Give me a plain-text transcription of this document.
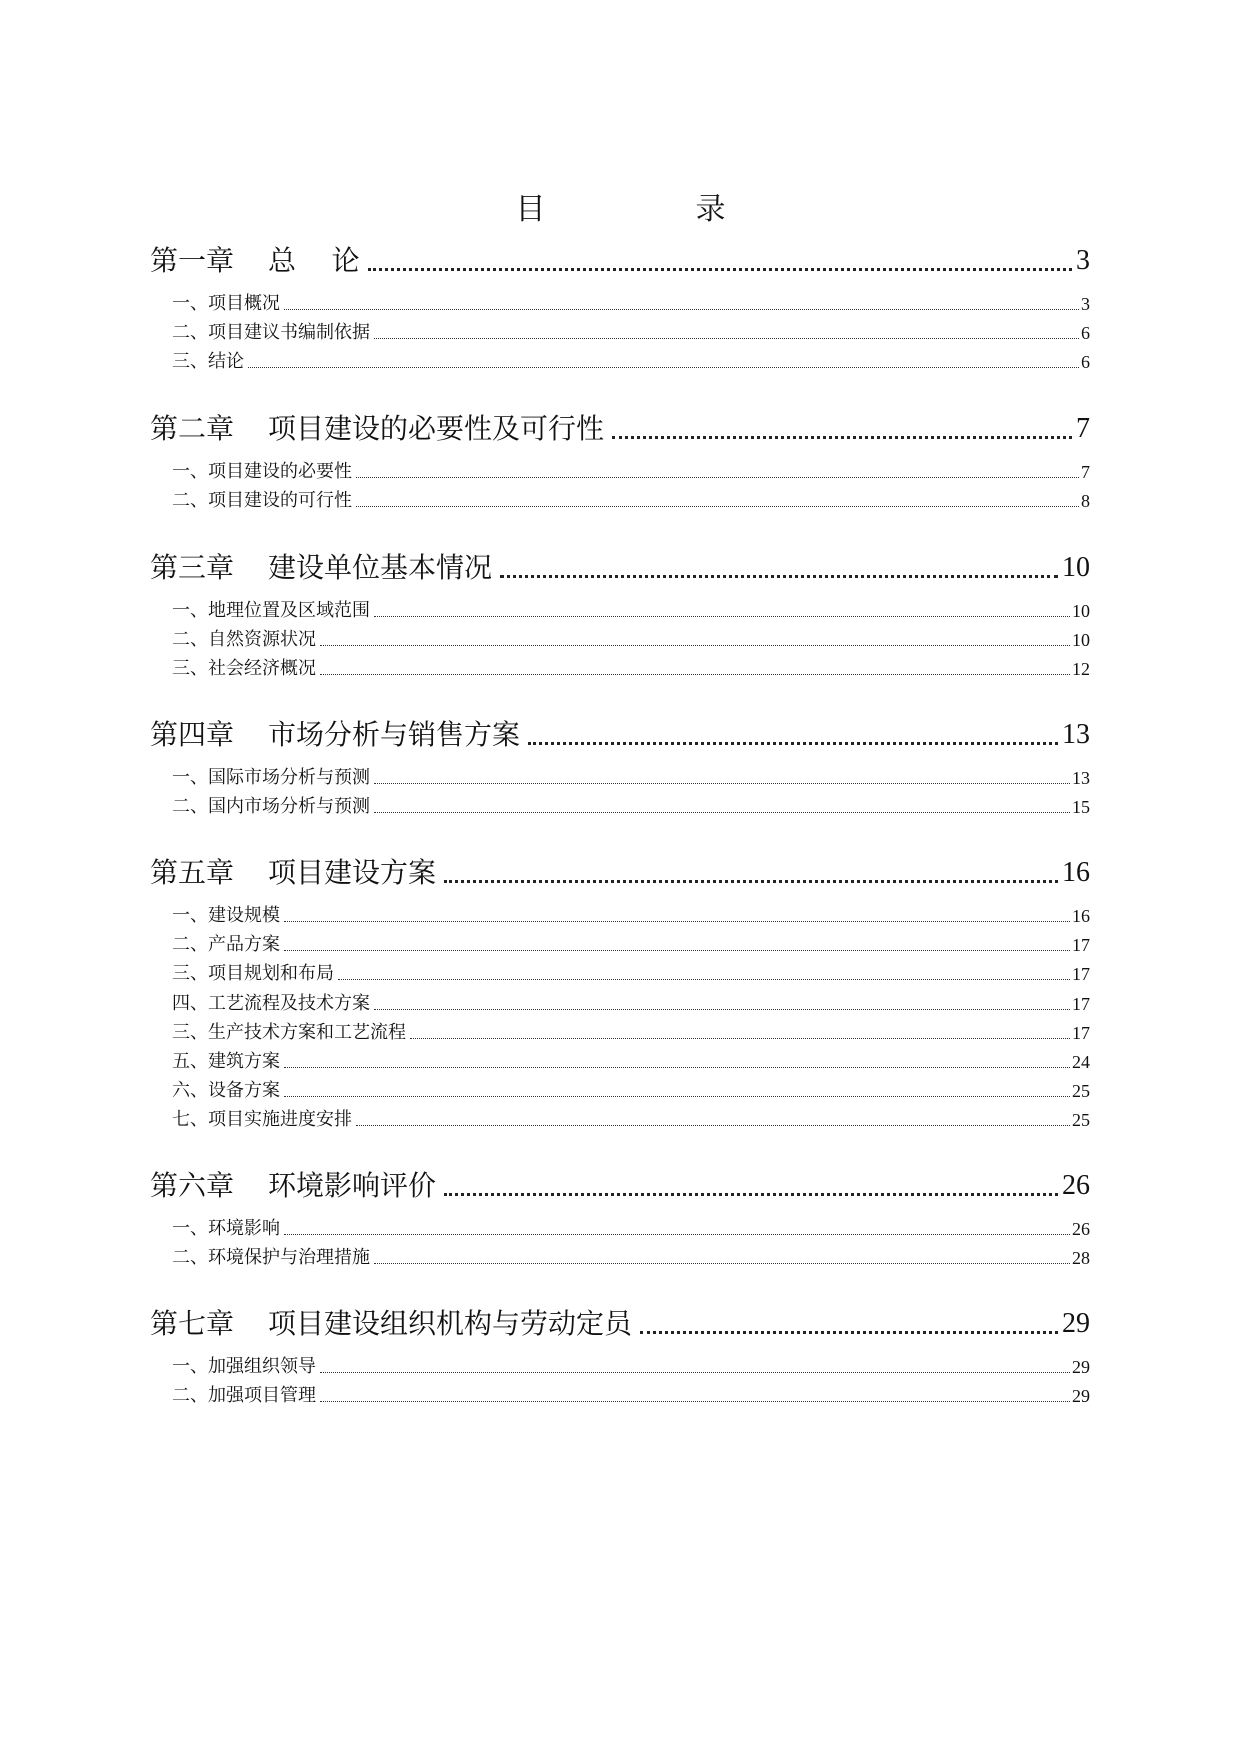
目	录
第一章 总    论	3
一、 项目概况	3
二、 项目建议书编制依据	6
三、 结论	6
第二章 项目建设的必要性及可行性	7
一、 项目建设的必要性	7
二、 项目建设的可行性	8
第三章 建设单位基本情况	10
一、 地理位置及区域范围	10
二、 自然资源状况	10
三、 社会经济概况	12
第四章 市场分析与销售方案	13
一、 国际市场分析与预测	13
二、 国内市场分析与预测	15
第五章 项目建设方案	16
一、 建设规模	16
二、 产品方案	17
三、 项目规划和布局	17
四、 工艺流程及技术方案	17
三、 生产技术方案和工艺流程	17
五、 建筑方案	24
六、 设备方案	25
七、 项目实施进度安排	25
第六章 环境影响评价	26
一、 环境影响	26
二、 环境保护与治理措施	28
第七章 项目建设组织机构与劳动定员	29
一、 加强组织领导	29
二、 加强项目管理	29
